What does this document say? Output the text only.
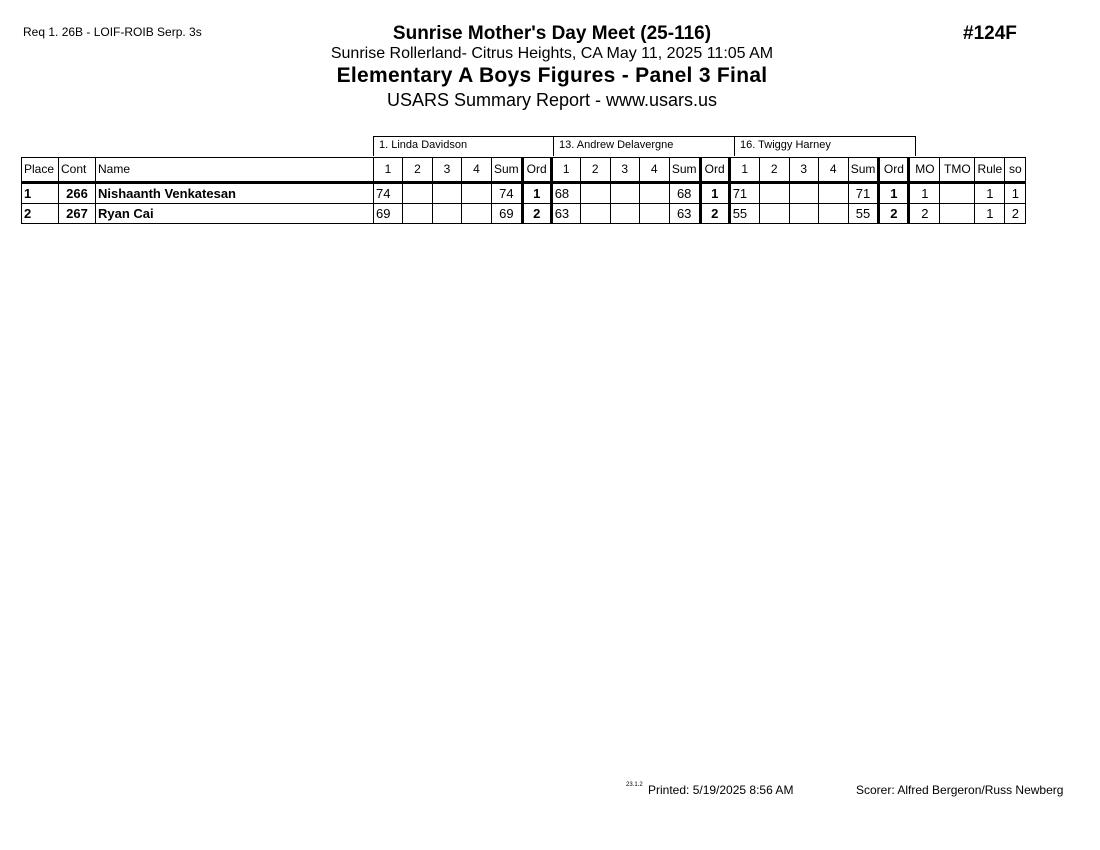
Req 1. 26B - LOIF-ROIB Serp. 3s	#124F
Sunrise Mother's Day Meet (25-116)
Sunrise Rollerland- Citrus Heights, CA May 11, 2025 11:05 AM
Elementary A Boys Figures - Panel 3 Final
USARS Summary Report - www.usars.us
1. Linda Davidson	13. Andrew Delavergne	16. Twiggy Harney
Place	Cont	Name	1	2	3	4	Sum	Ord	1	2	3	4	Sum	Ord	1	2	3	4	Sum	Ord	MO	TMO	Rule	so
1	266	Nishaanth Venkatesan	74				74	1	68				68	1	71				71	1	1		1	1
2	267	Ryan Cai	69				69	2	63				63	2	55				55	2	2		1	2
23.1.2 Printed: 5/19/2025 8:56 AM	Scorer: Alfred Bergeron/Russ Newberg
